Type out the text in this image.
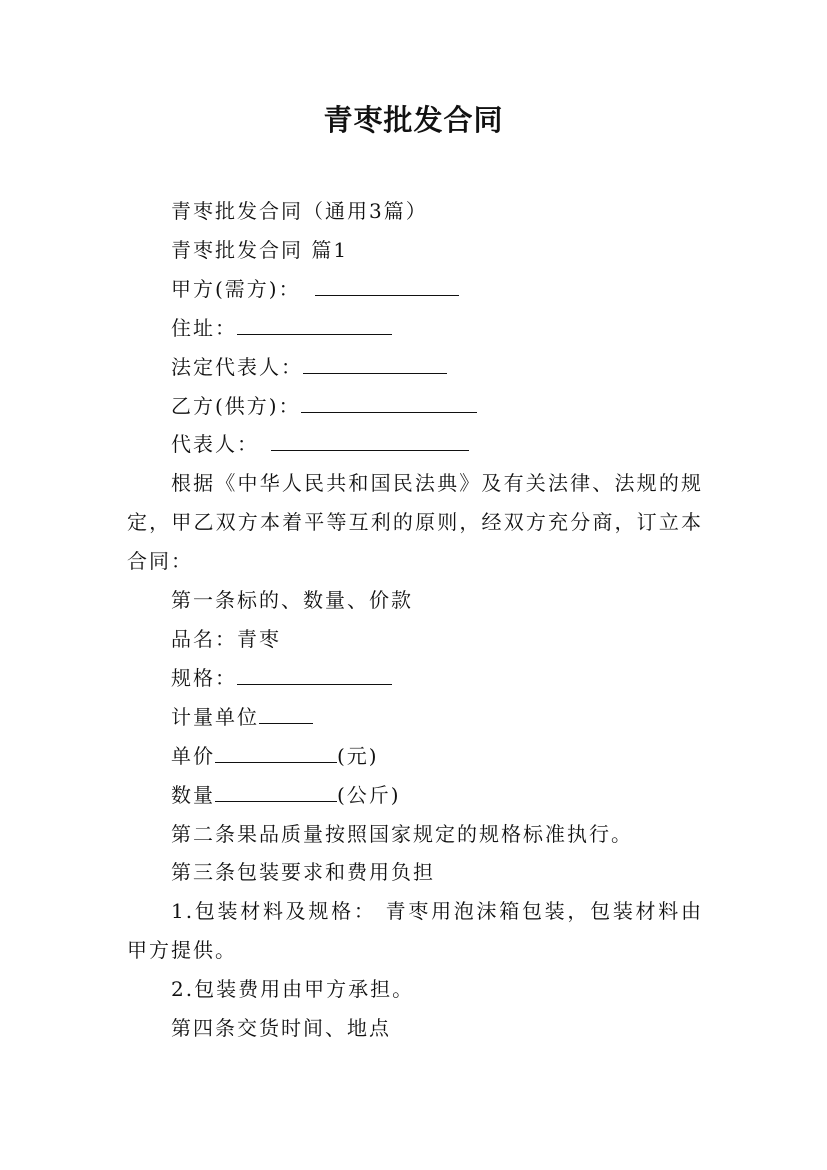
青枣批发合同

青枣批发合同（通用3篇）

青枣批发合同 篇1

甲方(需方)：

住址：

法定代表人：

乙方(供方)：

代表人：

根据《中华人民共和国民法典》及有关法律、法规的规定，甲乙双方本着平等互利的原则，经双方充分商，订立本合同：

第一条标的、数量、价款

品名：青枣

规格：

计量单位

单价	(元)

数量	(公斤)

第二条果品质量按照国家规定的规格标准执行。

第三条包装要求和费用负担

1.包装材料及规格： 青枣用泡沫箱包装，包装材料由甲方提供。

2.包装费用由甲方承担。

第四条交货时间、地点
